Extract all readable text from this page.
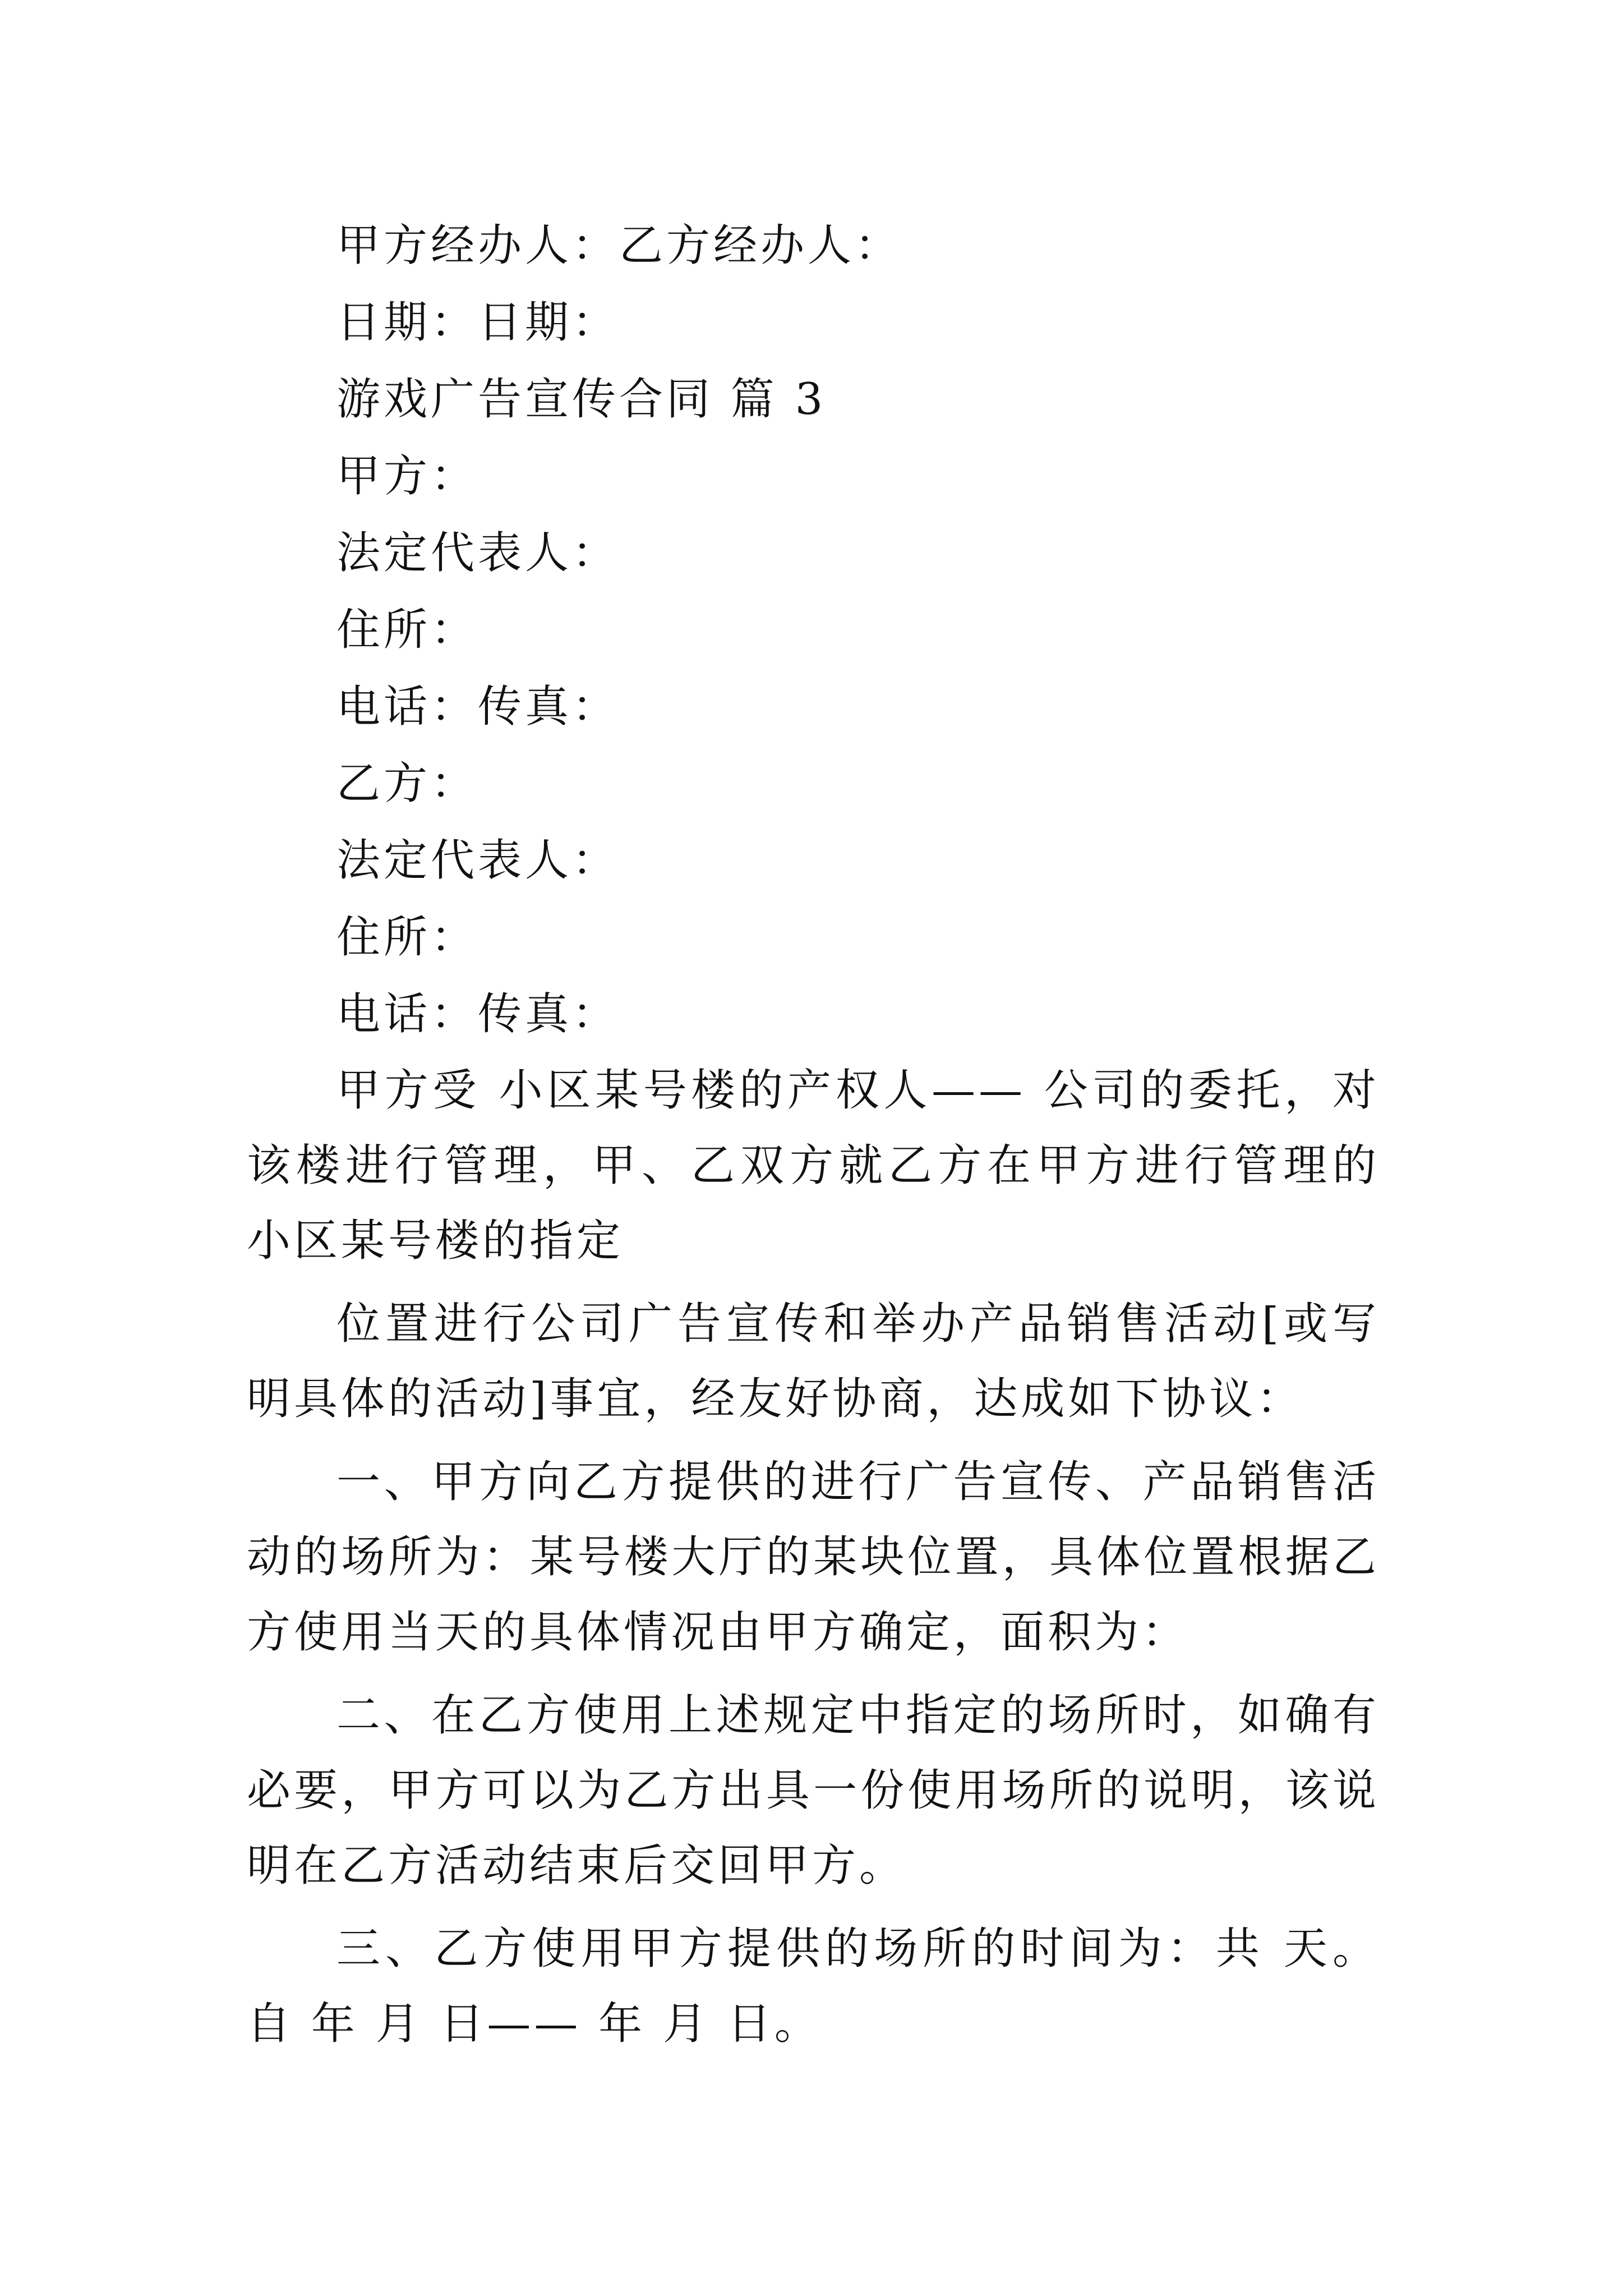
甲方经办人：乙方经办人：

日期：日期：

游戏广告宣传合同 篇 3

甲方：

法定代表人：

住所：

电话：传真：

乙方：

法定代表人：

住所：

电话：传真：

甲方受 小区某号楼的产权人—— 公司的委托，对该楼进行管理，甲、乙双方就乙方在甲方进行管理的 小区某号楼的指定

位置进行公司广告宣传和举办产品销售活动[或写明具体的活动]事宜，经友好协商，达成如下协议：

一、甲方向乙方提供的进行广告宣传、产品销售活动的场所为：某号楼大厅的某块位置，具体位置根据乙方使用当天的具体情况由甲方确定，面积为：

二、在乙方使用上述规定中指定的场所时，如确有必要，甲方可以为乙方出具一份使用场所的说明，该说明在乙方活动结束后交回甲方。

三、乙方使用甲方提供的场所的时间为：共 天。自 年 月 日—— 年 月 日。
